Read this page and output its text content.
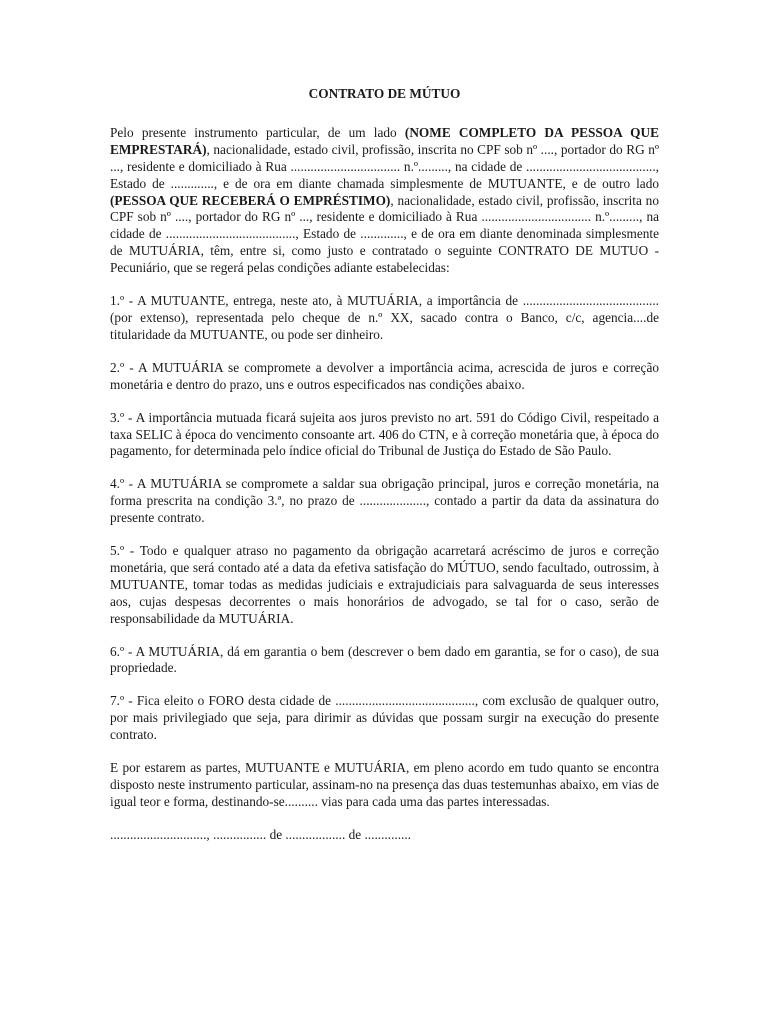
CONTRATO DE MÚTUO

Pelo presente instrumento particular, de um lado (NOME COMPLETO DA PESSOA QUE EMPRESTARÁ), nacionalidade, estado civil, profissão, inscrita no CPF sob nº ...., portador do RG nº ..., residente e domiciliado à Rua ................................. n.º........., na cidade de ......................................., Estado de ............., e de ora em diante chamada simplesmente de MUTUANTE, e de outro lado (PESSOA QUE RECEBERÁ O EMPRÉSTIMO), nacionalidade, estado civil, profissão, inscrita no CPF sob nº ...., portador do RG nº ..., residente e domiciliado à Rua ................................. n.º........., na cidade de ......................................., Estado de ............., e de ora em diante denominada simplesmente de MUTUÁRIA, têm, entre si, como justo e contratado o seguinte CONTRATO DE MUTUO - Pecuniário, que se regerá pelas condições adiante estabelecidas:

1.º - A MUTUANTE, entrega, neste ato, à MUTUÁRIA, a importância de ......................................... (por extenso), representada pelo cheque de n.º XX, sacado contra o Banco, c/c, agencia....de titularidade da MUTUANTE, ou pode ser dinheiro.

2.º - A MUTUÁRIA se compromete a devolver a importância acima, acrescida de juros e correção monetária e dentro do prazo, uns e outros especificados nas condições abaixo.

3.º - A importância mutuada ficará sujeita aos juros previsto no art. 591 do Código Civil, respeitado a taxa SELIC à época do vencimento consoante art. 406 do CTN, e à correção monetária que, à época do pagamento, for determinada pelo índice oficial do Tribunal de Justiça do Estado de São Paulo.

4.º - A MUTUÁRIA se compromete a saldar sua obrigação principal, juros e correção monetária, na forma prescrita na condição 3.ª, no prazo de ...................., contado a partir da data da assinatura do presente contrato.

5.º - Todo e qualquer atraso no pagamento da obrigação acarretará acréscimo de juros e correção monetária, que será contado até a data da efetiva satisfação do MÚTUO, sendo facultado, outrossim, à MUTUANTE, tomar todas as medidas judiciais e extrajudiciais para salvaguarda de seus interesses aos, cujas despesas decorrentes o mais honorários de advogado, se tal for o caso, serão de responsabilidade da MUTUÁRIA.

6.º - A MUTUÁRIA, dá em garantia o bem (descrever o bem dado em garantia, se for o caso), de sua propriedade.

7.º - Fica eleito o FORO desta cidade de .........................................., com exclusão de qualquer outro, por mais privilegiado que seja, para dirimir as dúvidas que possam surgir na execução do presente contrato.

E por estarem as partes, MUTUANTE e MUTUÁRIA, em pleno acordo em tudo quanto se encontra disposto neste instrumento particular, assinam-no na presença das duas testemunhas abaixo, em vias de igual teor e forma, destinando-se.......... vias para cada uma das partes interessadas.

............................., ................ de .................. de ..............
